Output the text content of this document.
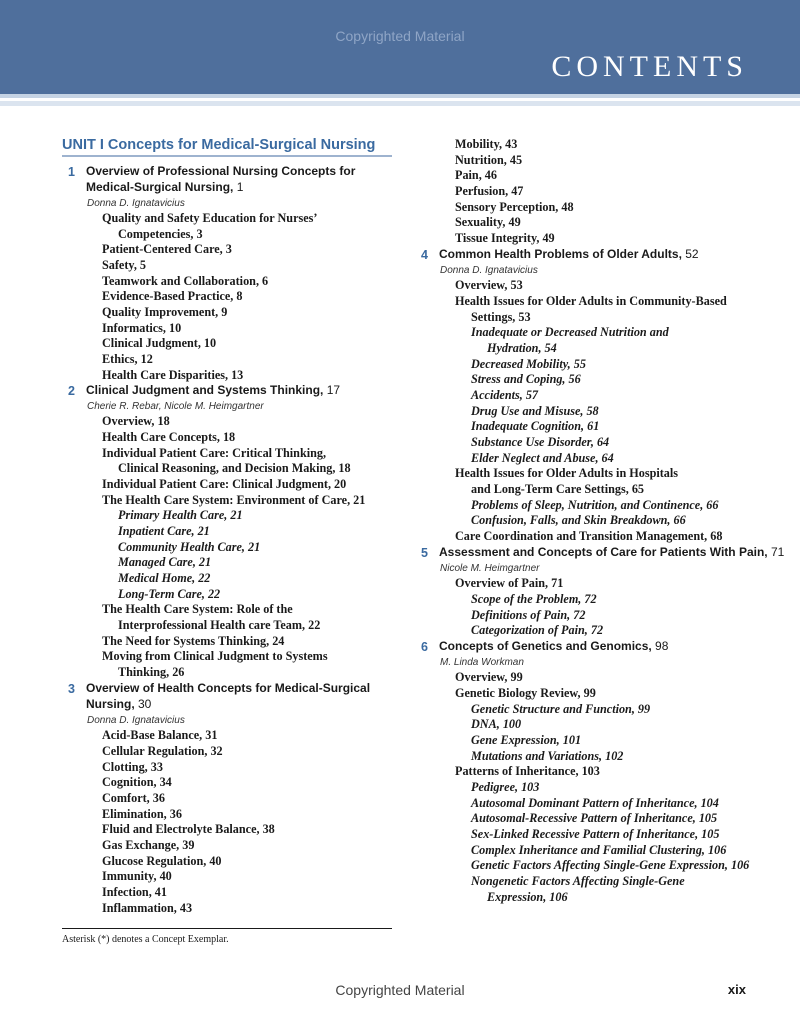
Copyrighted Material
CONTENTS
UNIT I Concepts for Medical-Surgical Nursing
1 Overview of Professional Nursing Concepts for
Medical-Surgical Nursing, 1
Donna D. Ignatavicius
Quality and Safety Education for Nurses’
Competencies, 3
Patient-Centered Care, 3
Safety, 5
Teamwork and Collaboration, 6
Evidence-Based Practice, 8
Quality Improvement, 9
Informatics, 10
Clinical Judgment, 10
Ethics, 12
Health Care Disparities, 13
2 Clinical Judgment and Systems Thinking, 17
Cherie R. Rebar, Nicole M. Heimgartner
Overview, 18
Health Care Concepts, 18
Individual Patient Care: Critical Thinking,
Clinical Reasoning, and Decision Making, 18
Individual Patient Care: Clinical Judgment, 20
The Health Care System: Environment of Care, 21
Primary Health Care, 21
Inpatient Care, 21
Community Health Care, 21
Managed Care, 21
Medical Home, 22
Long-Term Care, 22
The Health Care System: Role of the
Interprofessional Health care Team, 22
The Need for Systems Thinking, 24
Moving from Clinical Judgment to Systems
Thinking, 26
3 Overview of Health Concepts for Medical-Surgical
Nursing, 30
Donna D. Ignatavicius
Acid-Base Balance, 31
Cellular Regulation, 32
Clotting, 33
Cognition, 34
Comfort, 36
Elimination, 36
Fluid and Electrolyte Balance, 38
Gas Exchange, 39
Glucose Regulation, 40
Immunity, 40
Infection, 41
Inflammation, 43
Mobility, 43
Nutrition, 45
Pain, 46
Perfusion, 47
Sensory Perception, 48
Sexuality, 49
Tissue Integrity, 49
4 Common Health Problems of Older Adults, 52
Donna D. Ignatavicius
Overview, 53
Health Issues for Older Adults in Community-Based
Settings, 53
Inadequate or Decreased Nutrition and
Hydration, 54
Decreased Mobility, 55
Stress and Coping, 56
Accidents, 57
Drug Use and Misuse, 58
Inadequate Cognition, 61
Substance Use Disorder, 64
Elder Neglect and Abuse, 64
Health Issues for Older Adults in Hospitals
and Long-Term Care Settings, 65
Problems of Sleep, Nutrition, and Continence, 66
Confusion, Falls, and Skin Breakdown, 66
Care Coordination and Transition Management, 68
5 Assessment and Concepts of Care for Patients With Pain, 71
Nicole M. Heimgartner
Overview of Pain, 71
Scope of the Problem, 72
Definitions of Pain, 72
Categorization of Pain, 72
6 Concepts of Genetics and Genomics, 98
M. Linda Workman
Overview, 99
Genetic Biology Review, 99
Genetic Structure and Function, 99
DNA, 100
Gene Expression, 101
Mutations and Variations, 102
Patterns of Inheritance, 103
Pedigree, 103
Autosomal Dominant Pattern of Inheritance, 104
Autosomal-Recessive Pattern of Inheritance, 105
Sex-Linked Recessive Pattern of Inheritance, 105
Complex Inheritance and Familial Clustering, 106
Genetic Factors Affecting Single-Gene Expression, 106
Nongenetic Factors Affecting Single-Gene
Expression, 106
Asterisk (*) denotes a Concept Exemplar.
Copyrighted Material	xix
